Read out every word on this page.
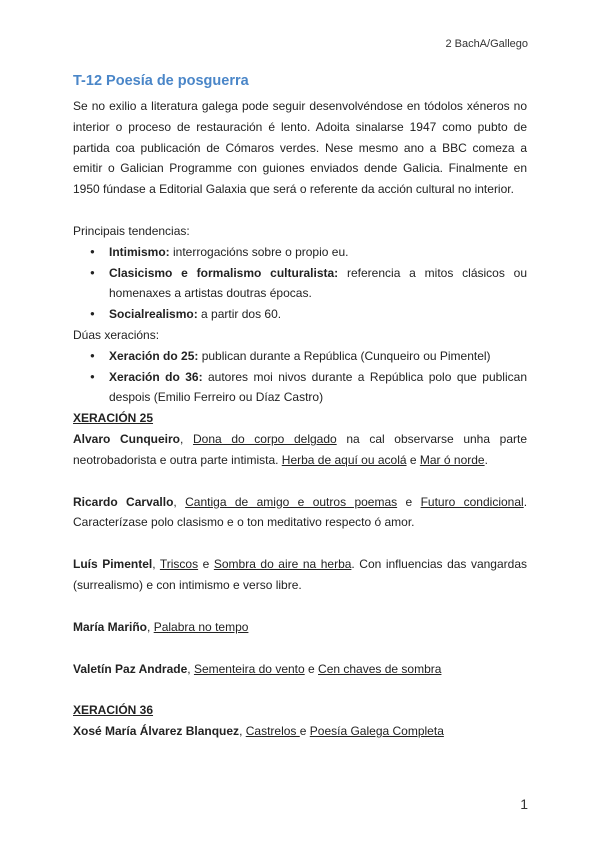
2 BachA/Gallego
T-12 Poesía de posguerra

Se no exilio a literatura galega pode seguir desenvolvéndose en tódolos xéneros no interior o proceso de restauración é lento. Adoita sinalarse 1947 como pubto de partida coa publicación de Cómaros verdes. Nese mesmo ano a BBC comeza a emitir o Galician Programme con guiones enviados dende Galicia. Finalmente en 1950 fúndase a Editorial Galaxia que será o referente da acción cultural no interior.

Principais tendencias:
● Intimismo: interrogacións sobre o propio eu.
● Clasicismo e formalismo culturalista: referencia a mitos clásicos ou homenaxes a artistas doutras épocas.
● Socialrealismo: a partir dos 60.
Dúas xeracións:
● Xeración do 25: publican durante a República (Cunqueiro ou Pimentel)
● Xeración do 36: autores moi nivos durante a República polo que publican despois (Emilio Ferreiro ou Díaz Castro)
XERACIÓN 25

Alvaro Cunqueiro, Dona do corpo delgado na cal observarse unha parte neotrobadorista e outra parte intimista. Herba de aquí ou acolá e Mar ó norde.

Ricardo Carvallo, Cantiga de amigo e outros poemas e Futuro condicional. Caracterízase polo clasismo e o ton meditativo respecto ó amor.

Luís Pimentel, Triscos e Sombra do aire na herba. Con influencias das vangardas (surrealismo) e con intimismo e verso libre.

María Mariño, Palabra no tempo

Valetín Paz Andrade, Sementeira do vento e Cen chaves de sombra

XERACIÓN 36

Xosé María Álvarez Blanquez, Castrelos e Poesía Galega Completa

1
